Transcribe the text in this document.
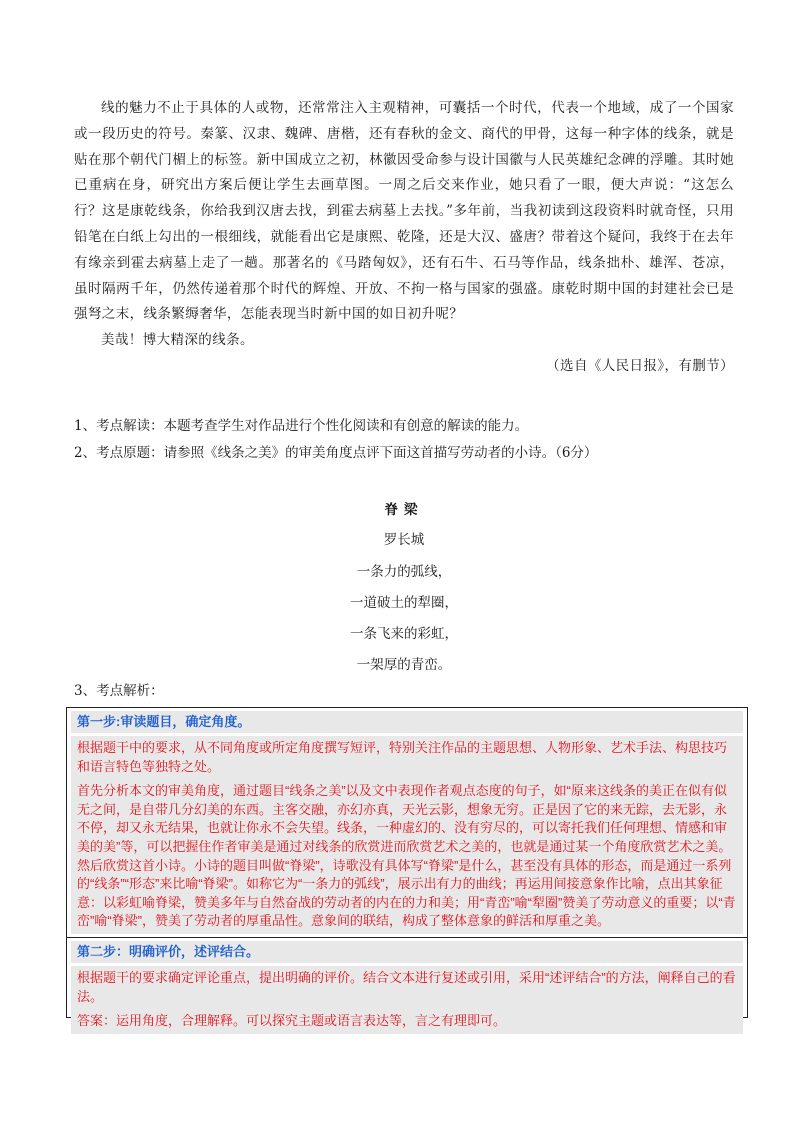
线的魅力不止于具体的人或物，还常常注入主观精神，可囊括一个时代，代表一个地域，成了一个国家或一段历史的符号。秦篆、汉隶、魏碑、唐楷，还有春秋的金文、商代的甲骨，这每一种字体的线条，就是贴在那个朝代门楣上的标签。新中国成立之初，林徽因受命参与设计国徽与人民英雄纪念碑的浮雕。其时她已重病在身，研究出方案后便让学生去画草图。一周之后交来作业，她只看了一眼，便大声说：“这怎么行？这是康乾线条，你给我到汉唐去找，到霍去病墓上去找。”多年前，当我初读到这段资料时就奇怪，只用铅笔在白纸上勾出的一根细线，就能看出它是康熙、乾隆，还是大汉、盛唐？带着这个疑问，我终于在去年有缘亲到霍去病墓上走了一趟。那著名的《马踏匈奴》，还有石牛、石马等作品，线条拙朴、雄浑、苍凉，虽时隔两千年，仍然传递着那个时代的辉煌、开放、不拘一格与国家的强盛。康乾时期中国的封建社会已是强弩之末，线条繁缛奢华，怎能表现当时新中国的如日初升呢？

美哉！博大精深的线条。

（选自《人民日报》，有删节）

1、考点解读：本题考查学生对作品进行个性化阅读和有创意的解读的能力。
2、考点原题：请参照《线条之美》的审美角度点评下面这首描写劳动者的小诗。（6分）

脊梁

罗长城

一条力的弧线，

一道破土的犁圈，

一条飞来的彩虹，

一架厚的青峦。

3、考点解析：
第一步:审读题目，确定角度。

根据题干中的要求，从不同角度或所定角度撰写短评，特别关注作品的主题思想、人物形象、艺术手法、构思技巧和语言特色等独特之处。

首先分析本文的审美角度，通过题目“线条之美”以及文中表现作者观点态度的句子，如“原来这线条的美正在似有似无之间，是自带几分幻美的东西。主客交融，亦幻亦真，天光云影，想象无穷。正是因了它的来无踪，去无影，永不停，却又永无结果，也就让你永不会失望。线条，一种虚幻的、没有穷尽的，可以寄托我们任何理想、情感和审美的美”等，可以把握住作者审美是通过对线条的欣赏进而欣赏艺术之美的，也就是通过某一个角度欣赏艺术之美。然后欣赏这首小诗。小诗的题目叫做“脊梁”，诗歌没有具体写“脊梁”是什么，甚至没有具体的形态，而是通过一系列的“线条”“形态”来比喻“脊梁”。如称它为“一条力的弧线”，展示出有力的曲线；再运用间接意象作比喻，点出其象征意：以彩虹喻脊梁，赞美多年与自然奋战的劳动者的内在的力和美；用“青峦”喻“犁圈”赞美了劳动意义的重要；以“青峦”喻“脊梁”，赞美了劳动者的厚重品性。意象间的联结，构成了整体意象的鲜活和厚重之美。

第二步：明确评价，述评结合。

根据题干的要求确定评论重点，提出明确的评价。结合文本进行复述或引用，采用“述评结合”的方法，阐释自己的看法。

答案：运用角度，合理解释。可以探究主题或语言表达等，言之有理即可。
